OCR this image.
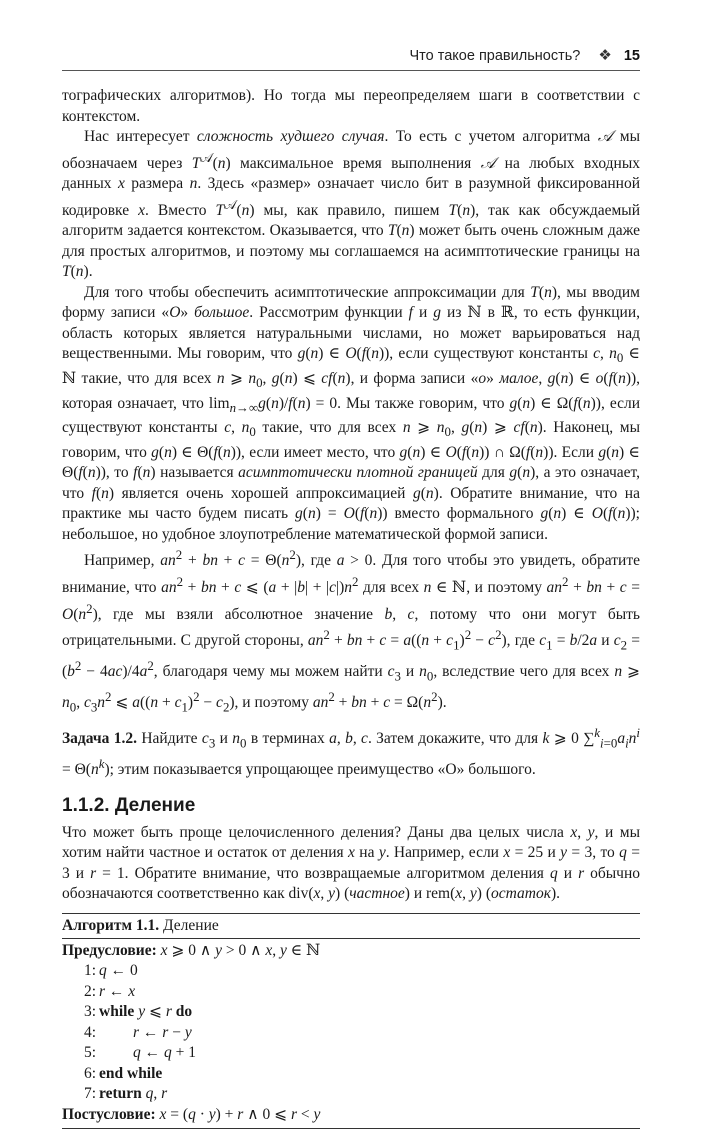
Что такое правильность? ❖ 15

тографических алгоритмов). Но тогда мы переопределяем шаги в соответствии с контекстом.

Нас интересует сложность худшего случая. То есть с учетом алгоритма 𝒜 мы обозначаем через $T^𝒜(n)$ максимальное время выполнения 𝒜 на любых входных данных x размера n. Здесь «размер» означает число бит в разумной фиксированной кодировке x. Вместо $T^𝒜(n)$ мы, как правило, пишем T(n), так как обсуждаемый алгоритм задается контекстом. Оказывается, что T(n) может быть очень сложным даже для простых алгоритмов, и поэтому мы соглашаемся на асимптотические границы на T(n).

Для того чтобы обеспечить асимптотические аппроксимации для T(n), мы вводим форму записи «O» большое. Рассмотрим функции f и g из ℕ в ℝ, то есть функции, область которых является натуральными числами, но может варьироваться над вещественными. Мы говорим, что g(n) ∈ O(f(n)), если существуют константы c, $n_0$ ∈ ℕ такие, что для всех n ⩾ $n_0$, g(n) ⩽ cf(n), и форма записи «o» малое, g(n) ∈ o(f(n)), которая означает, что $\lim_{n\to\infty}g(n)/f(n) = 0$. Мы также говорим, что g(n) ∈ Ω(f(n)), если существуют константы c, $n_0$ такие, что для всех n ⩾ $n_0$, g(n) ⩾ cf(n). Наконец, мы говорим, что g(n) ∈ Θ(f(n)), если имеет место, что g(n) ∈ O(f(n)) ∩ Ω(f(n)). Если g(n) ∈ Θ(f(n)), то f(n) называется асимптотически плотной границей для g(n), а это означает, что f(n) является очень хорошей аппроксимацией g(n). Обратите внимание, что на практике мы часто будем писать g(n) = O(f(n)) вместо формального g(n) ∈ O(f(n)); небольшое, но удобное злоупотребление математической формой записи.

Например, $an^2$ + bn + $c = \Theta(n^2)$, где a > 0. Для того чтобы это увидеть, обратите внимание, что $an^2$ + bn + c ⩽ $(a + |b| + |c|)n^2$ для всех n ∈ ℕ, и поэтому $an^2$ + bn + $c = O(n^2)$, где мы взяли абсолютное значение b, c, потому что они могут быть отрицательными. С другой стороны, $an^2$ + bn + $c = a((n + c_1)^2 - c^2)$, где $c_1 = b/2a$ и $c_2 = (b^2 - 4ac)/4a^2$, благодаря чему мы можем найти $c_3$ и $n_0$, вследствие чего для всех n ⩾ $n_0$, $c_3n^2$ ⩽ $a((n + c_1)^2 - c_2)$, и поэтому $an^2$ + bn + $c = \Omega(n^2)$.

Задача 1.2. Найдите $c_3$ и $n_0$ в терминах a, b, c. Затем докажите, что для k ⩾ 0 $\sum^k_{i=0}a_in^i = \Theta(n^k)$; этим показывается упрощающее преимущество «O» большого.

1.1.2. Деление

Что может быть проще целочисленного деления? Даны два целых числа x, y, и мы хотим найти частное и остаток от деления x на y. Например, если x = 25 и y = 3, то q = 3 и r = 1. Обратите внимание, что возвращаемые алгоритмом деления q и r обычно обозначаются соответственно как div(x, y) (частное) и rem(x, y) (остаток).

Алгоритм 1.1. Деление
Предусловие: x ⩾ 0 ∧ y > 0 ∧ x, y ∈ ℕ
1: q ← 0
2: r ← x
3: while y ⩽ r do
4: r ← r − y
5: q ← q + 1
6: end while
7: return q, r
Постусловие: x = (q · y) + r ∧ 0 ⩽ r < y
